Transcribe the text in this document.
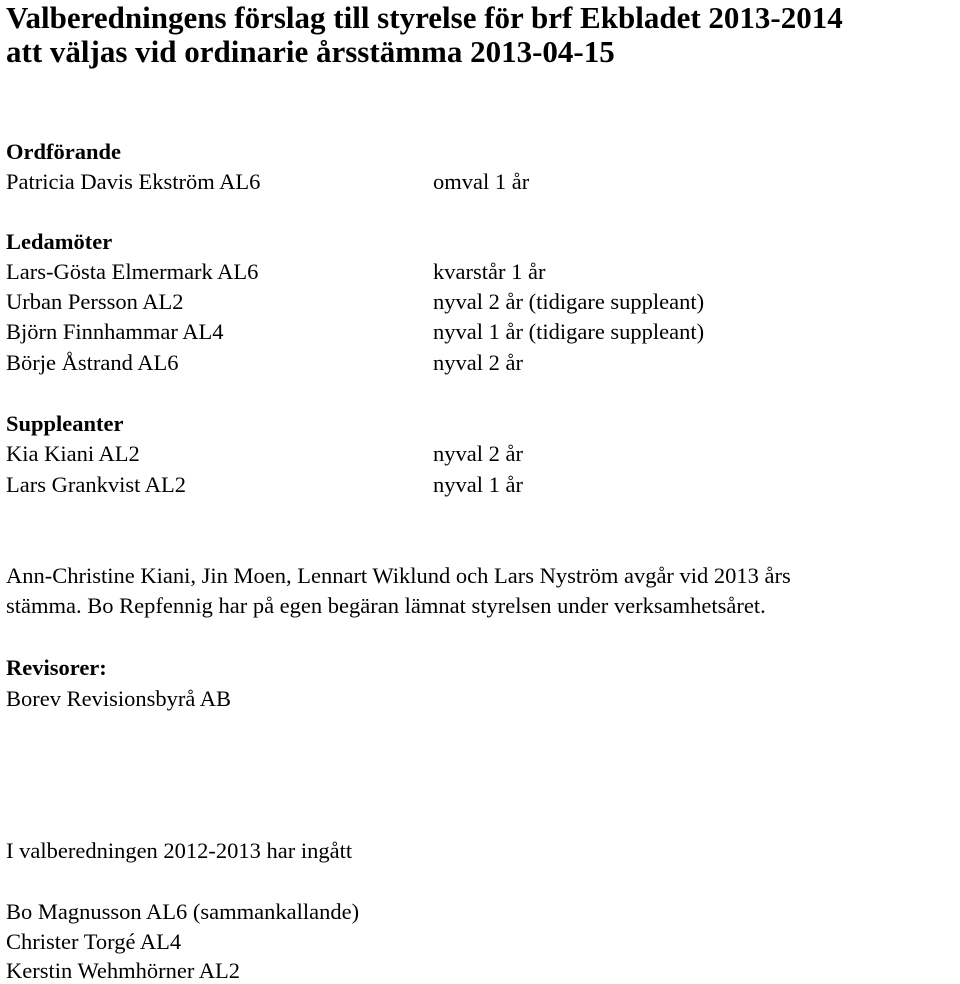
Valberedningens förslag till styrelse för brf Ekbladet 2013-2014
att väljas vid ordinarie årsstämma 2013-04-15
Ordförande
Patricia Davis Ekström AL6	omval 1 år
Ledamöter
Lars-Gösta Elmermark AL6	kvarstår 1 år
Urban Persson AL2	nyval 2 år (tidigare suppleant)
Björn Finnhammar AL4	nyval 1 år (tidigare suppleant)
Börje Åstrand AL6	nyval 2 år
Suppleanter
Kia Kiani AL2	nyval 2 år
Lars Grankvist AL2	nyval 1 år
Ann-Christine Kiani, Jin Moen, Lennart Wiklund och Lars Nyström avgår vid 2013 års
stämma. Bo Repfennig har på egen begäran lämnat styrelsen under verksamhetsåret.
Revisorer:
Borev Revisionsbyrå AB
I valberedningen 2012-2013 har ingått
Bo Magnusson AL6 (sammankallande)
Christer Torgé AL4
Kerstin Wehmhörner AL2
